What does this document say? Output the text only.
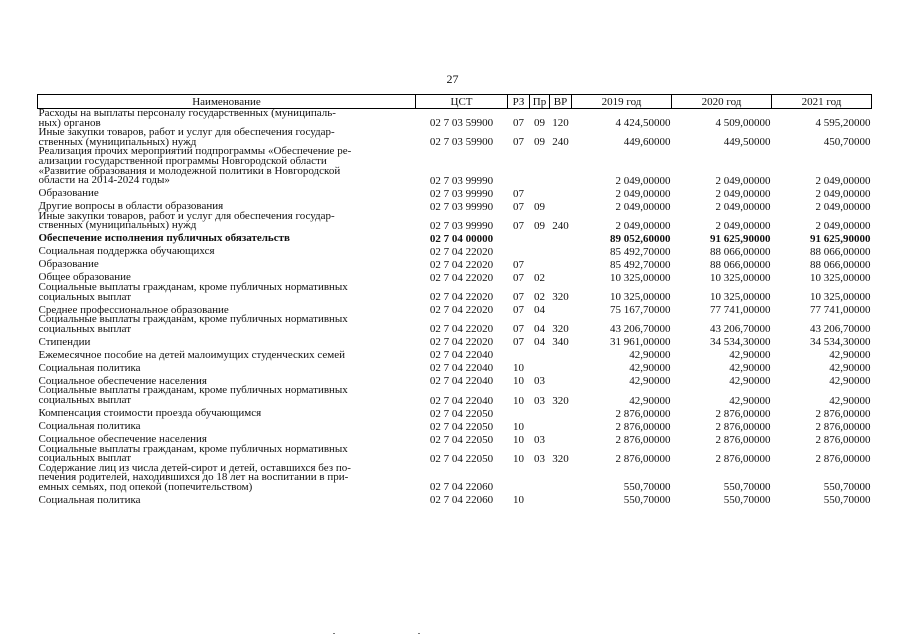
27
Наименование	ЦСТ	РЗ	Пр	ВР	2019 год	2020 год	2021 год
Расходы на выплаты персоналу государственных (муниципаль-
ных) органов	02 7 03 59900	07	09	120	4 424,50000	4 509,00000	4 595,20000
Иные закупки товаров, работ и услуг для обеспечения государ-
ственных (муниципальных) нужд	02 7 03 59900	07	09	240	449,60000	449,50000	450,70000
Реализация прочих мероприятий подпрограммы «Обеспечение ре-
ализации государственной программы Новгородской области
«Развитие образования и молодежной политики в Новгородской
области на 2014-2024 годы»	02 7 03 99990				2 049,00000	2 049,00000	2 049,00000
Образование	02 7 03 99990	07			2 049,00000	2 049,00000	2 049,00000
Другие вопросы в области образования	02 7 03 99990	07	09		2 049,00000	2 049,00000	2 049,00000
Иные закупки товаров, работ и услуг для обеспечения государ-
ственных (муниципальных) нужд	02 7 03 99990	07	09	240	2 049,00000	2 049,00000	2 049,00000
Обеспечение исполнения публичных обязательств	02 7 04 00000				89 052,60000	91 625,90000	91 625,90000
Социальная поддержка обучающихся	02 7 04 22020				85 492,70000	88 066,00000	88 066,00000
Образование	02 7 04 22020	07			85 492,70000	88 066,00000	88 066,00000
Общее образование	02 7 04 22020	07	02		10 325,00000	10 325,00000	10 325,00000
Социальные выплаты гражданам, кроме публичных нормативных
социальных выплат	02 7 04 22020	07	02	320	10 325,00000	10 325,00000	10 325,00000
Среднее профессиональное образование	02 7 04 22020	07	04		75 167,70000	77 741,00000	77 741,00000
Социальные выплаты гражданам, кроме публичных нормативных
социальных выплат	02 7 04 22020	07	04	320	43 206,70000	43 206,70000	43 206,70000
Стипендии	02 7 04 22020	07	04	340	31 961,00000	34 534,30000	34 534,30000
Ежемесячное пособие на детей малоимущих студенческих семей	02 7 04 22040				42,90000	42,90000	42,90000
Социальная политика	02 7 04 22040	10			42,90000	42,90000	42,90000
Социальное обеспечение населения	02 7 04 22040	10	03		42,90000	42,90000	42,90000
Социальные выплаты гражданам, кроме публичных нормативных
социальных выплат	02 7 04 22040	10	03	320	42,90000	42,90000	42,90000
Компенсация стоимости проезда обучающимся	02 7 04 22050				2 876,00000	2 876,00000	2 876,00000
Социальная политика	02 7 04 22050	10			2 876,00000	2 876,00000	2 876,00000
Социальное обеспечение населения	02 7 04 22050	10	03		2 876,00000	2 876,00000	2 876,00000
Социальные выплаты гражданам, кроме публичных нормативных
социальных выплат	02 7 04 22050	10	03	320	2 876,00000	2 876,00000	2 876,00000
Содержание лиц из числа детей-сирот и детей, оставшихся без по-
печения родителей, находившихся до 18 лет на воспитании в при-
емных семьях, под опекой (попечительством)	02 7 04 22060				550,70000	550,70000	550,70000
Социальная политика	02 7 04 22060	10			550,70000	550,70000	550,70000
